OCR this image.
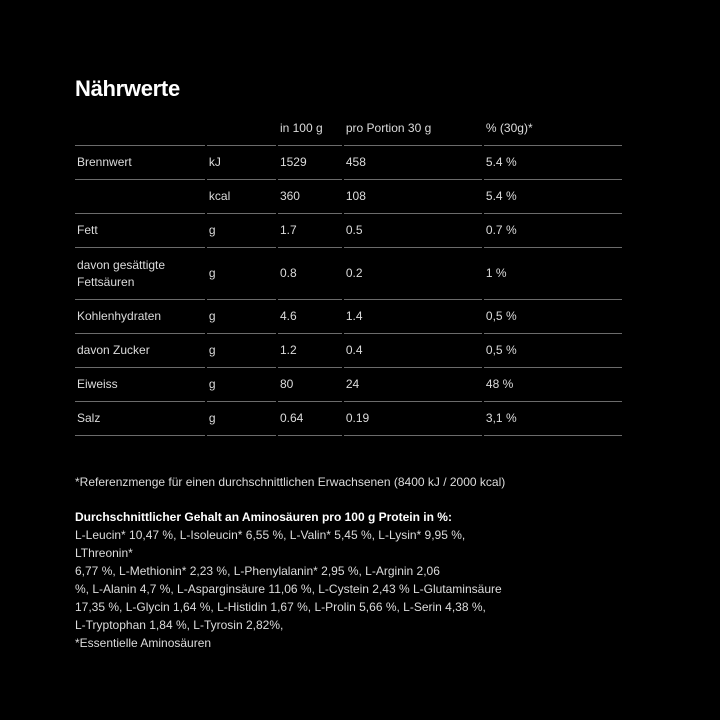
Nährwerte
		in 100 g	pro Portion 30 g	% (30g)*
Brennwert	kJ	1529	458	5.4 %
	kcal	360	108	5.4 %
Fett	g	1.7	0.5	0.7 %
davon gesättigte
Fettsäuren	g	0.8	0.2	1 %
Kohlenhydraten	g	4.6	1.4	0,5 %
davon Zucker	g	1.2	0.4	0,5 %
Eiweiss	g	80	24	48 %
Salz	g	0.64	0.19	3,1 %
*Referenzmenge für einen durchschnittlichen Erwachsenen (8400 kJ / 2000 kcal)
Durchschnittlicher Gehalt an Aminosäuren pro 100 g Protein in %:
L-Leucin* 10,47 %, L-Isoleucin* 6,55 %, L-Valin* 5,45 %, L-Lysin* 9,95 %, LThreonin*
6,77 %, L-Methionin* 2,23 %, L-Phenylalanin* 2,95 %, L-Arginin 2,06
%, L-Alanin 4,7 %, L-Asparginsäure 11,06 %, L-Cystein 2,43 % L-Glutaminsäure
17,35 %, L-Glycin 1,64 %, L-Histidin 1,67 %, L-Prolin 5,66 %, L-Serin 4,38 %,
L-Tryptophan 1,84 %, L-Tyrosin 2,82%,
*Essentielle Aminosäuren
